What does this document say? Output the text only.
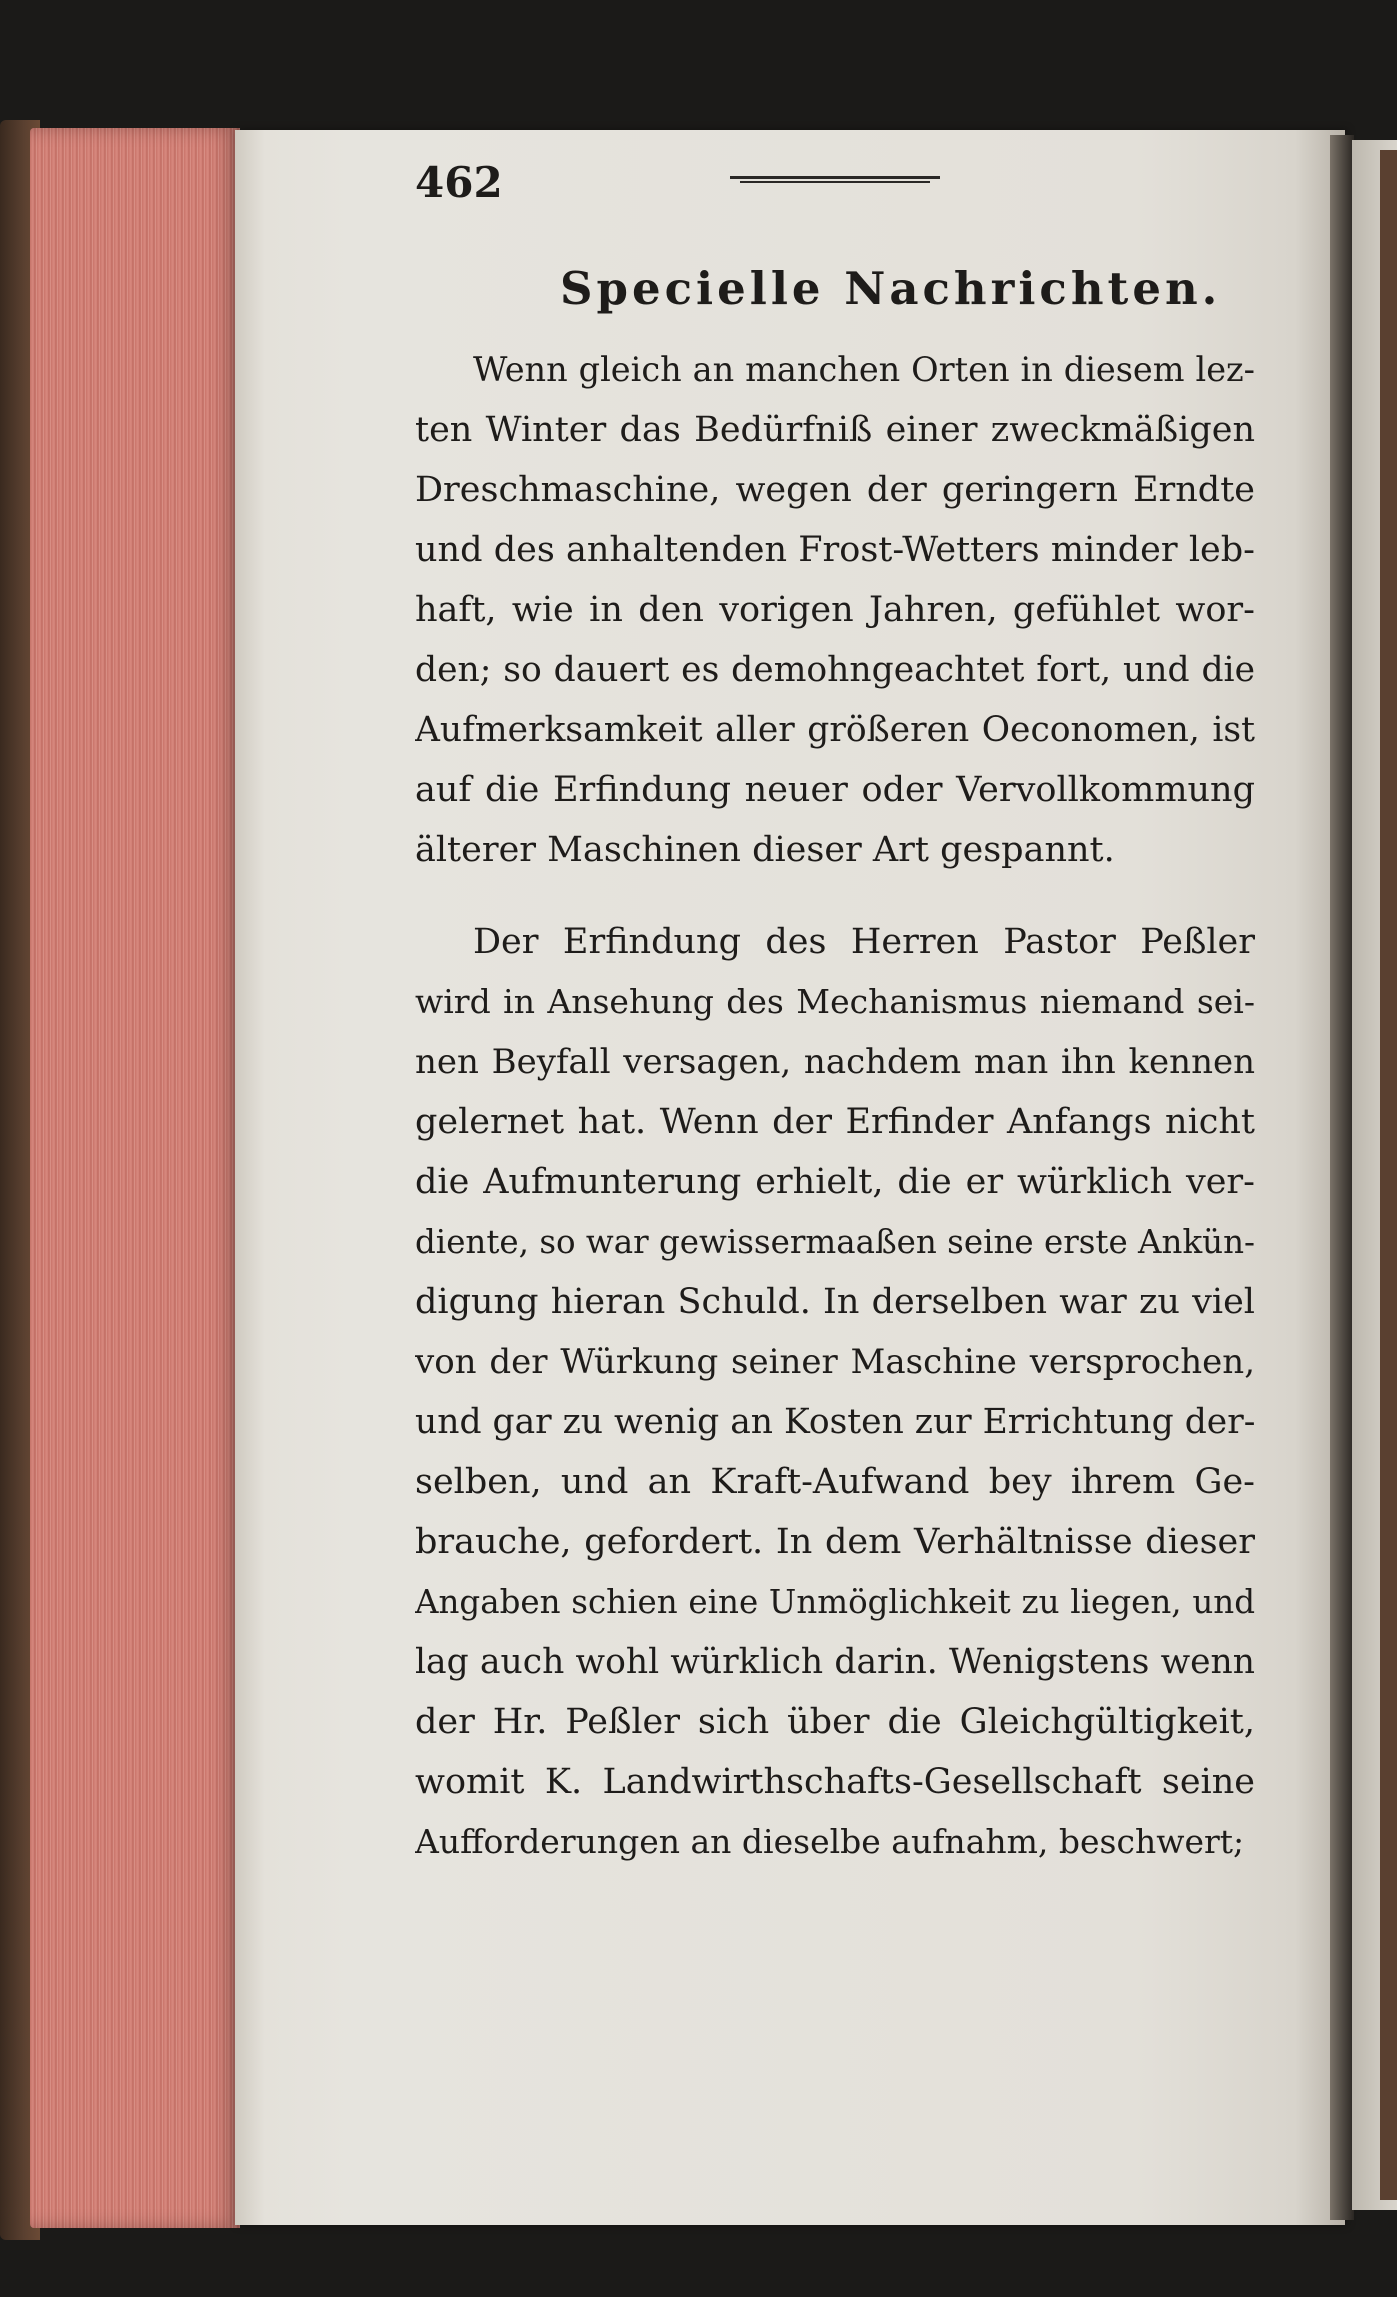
462
Specielle Nachrichten.

Wenn gleich an manchen Orten in diesem lez-
ten Winter das Bedürfniß einer zweckmäßigen
Dreschmaschine, wegen der geringern Erndte
und des anhaltenden Frost-Wetters minder leb-
haft, wie in den vorigen Jahren, gefühlet wor-
den; so dauert es demohngeachtet fort, und die
Aufmerksamkeit aller größeren Oeconomen, ist
auf die Erfindung neuer oder Vervollkommung
älterer Maschinen dieser Art gespannt.

Der Erfindung des Herren Pastor Peßler
wird in Ansehung des Mechanismus niemand sei-
nen Beyfall versagen, nachdem man ihn kennen
gelernet hat. Wenn der Erfinder Anfangs nicht
die Aufmunterung erhielt, die er würklich ver-
diente, so war gewissermaaßen seine erste Ankün-
digung hieran Schuld. In derselben war zu viel
von der Würkung seiner Maschine versprochen,
und gar zu wenig an Kosten zur Errichtung der-
selben, und an Kraft-Aufwand bey ihrem Ge-
brauche, gefordert. In dem Verhältnisse dieser
Angaben schien eine Unmöglichkeit zu liegen, und
lag auch wohl würklich darin. Wenigstens wenn
der Hr. Peßler sich über die Gleichgültigkeit,
womit K. Landwirthschafts-Gesellschaft seine
Aufforderungen an dieselbe aufnahm, beschwert;
